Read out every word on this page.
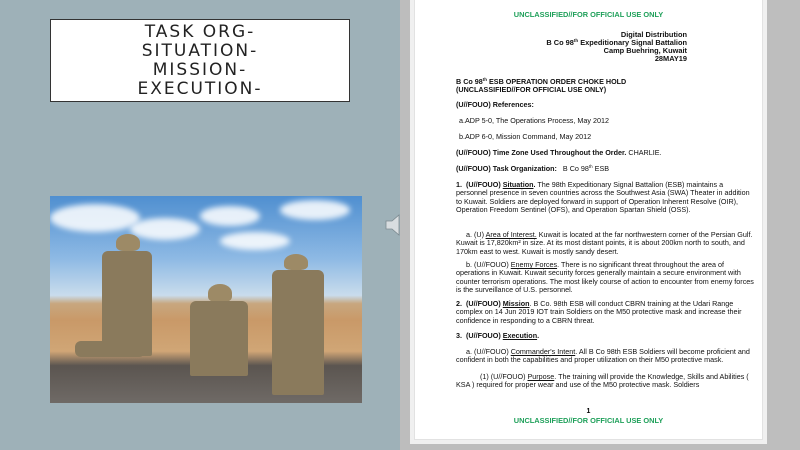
TASK ORG-
SITUATION-
MISSION-
EXECUTION-
UNCLASSIFIED//FOR OFFICIAL USE ONLY
Digital Distribution
B Co 98th Expeditionary Signal Battalion
Camp Buehring, Kuwait
28MAY19
B Co 98th ESB OPERATION ORDER CHOKE HOLD
(UNCLASSIFIED//FOR OFFICIAL USE ONLY)
(U//FOUO) References:
a.ADP 5-0, The Operations Process, May 2012
b.ADP 6-0, Mission Command, May 2012
(U//FOUO) Time Zone Used Throughout the Order. CHARLIE.
(U//FOUO) Task Organization: B Co 98th ESB
1. (U//FOUO) Situation. The 98th Expeditionary Signal Battalion (ESB) maintains a personnel presence in seven countries across the Southwest Asia (SWA) Theater in addition to Kuwait. Soldiers are deployed forward in support of Operation Inherent Resolve (OIR), Operation Freedom Sentinel (OFS), and Operation Spartan Shield (OSS).
a. (U) Area of Interest. Kuwait is located at the far northwestern corner of the Persian Gulf. Kuwait is 17,820km² in size. At its most distant points, it is about 200km north to south, and 170km east to west. Kuwait is mostly sandy desert.
b. (U//FOUO) Enemy Forces. There is no significant threat throughout the area of operations in Kuwait. Kuwait security forces generally maintain a secure environment with counter terrorism operations. The most likely course of action to encounter from enemy forces is the surveillance of U.S. personnel.
2. (U//FOUO) Mission. B Co. 98th ESB will conduct CBRN training at the Udari Range complex on 14 Jun 2019 IOT train Soldiers on the M50 protective mask and increase their confidence in responding to a CBRN threat.
3. (U//FOUO) Execution.
a. (U//FOUO) Commander's Intent. All B Co 98th ESB Soldiers will become proficient and confident in both the capabilities and proper utilization on their M50 protective mask.
(1) (U//FOUO) Purpose. The training will provide the Knowledge, Skills and Abilities ( KSA ) required for proper wear and use of the M50 protective mask. Soldiers
1
UNCLASSIFIED//FOR OFFICIAL USE ONLY
